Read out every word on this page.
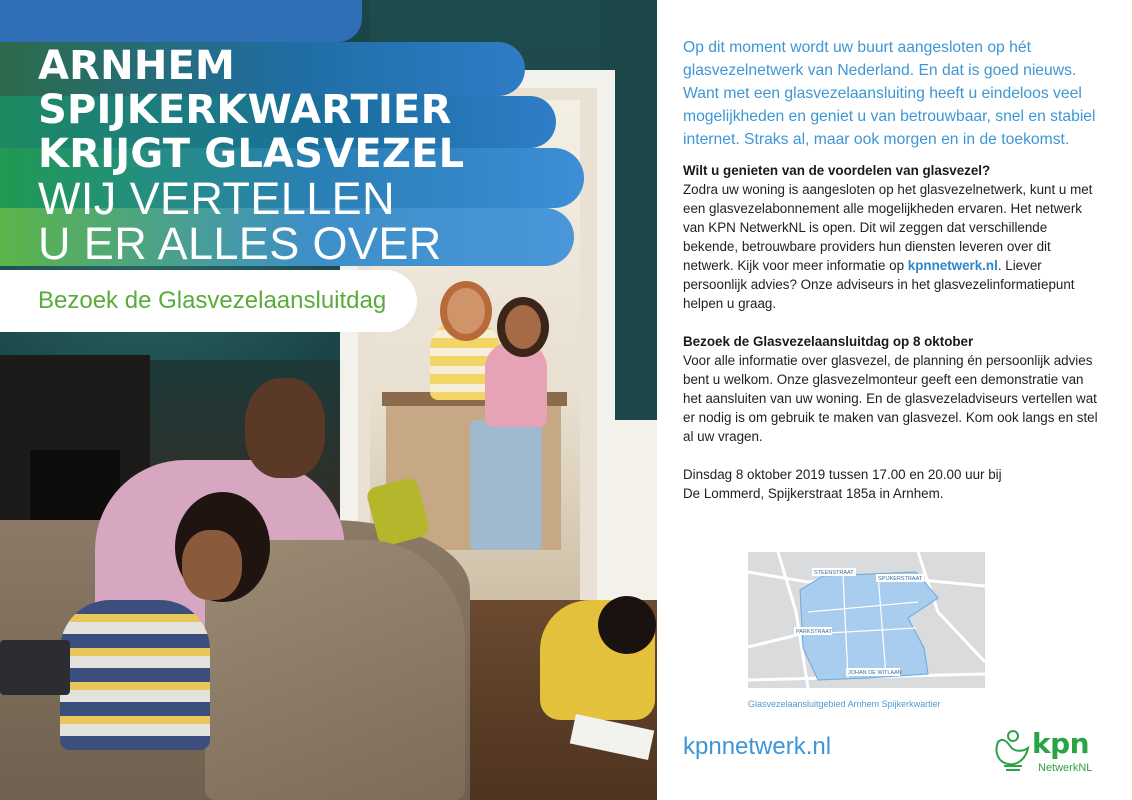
ARNHEM
SPIJKERKWARTIER
KRIJGT GLASVEZEL
WIJ VERTELLEN
U ER ALLES OVER
Bezoek de Glasvezelaansluitdag

Op dit moment wordt uw buurt aangesloten op hét glasvezelnetwerk van Nederland. En dat is goed nieuws. Want met een glasvezelaansluiting heeft u eindeloos veel mogelijkheden en geniet u van betrouwbaar, snel en stabiel internet. Straks al, maar ook morgen en in de toekomst.

Wilt u genieten van de voordelen van glasvezel?

Zodra uw woning is aangesloten op het glasvezelnetwerk, kunt u met een glasvezelabonnement alle mogelijkheden ervaren. Het netwerk van KPN NetwerkNL is open. Dit wil zeggen dat verschillende bekende, betrouwbare providers hun diensten leveren over dit netwerk. Kijk voor meer informatie op kpnnetwerk.nl. Liever persoonlijk advies? Onze adviseurs in het glasvezelinformatiepunt helpen u graag.

Bezoek de Glasvezelaansluitdag op 8 oktober

Voor alle informatie over glasvezel, de planning én persoonlijk advies bent u welkom. Onze glasvezelmonteur geeft een demonstratie van het aansluiten van uw woning. En de glasvezeladviseurs vertellen wat er nodig is om gebruik te maken van glasvezel. Kom ook langs en stel al uw vragen.

Dinsdag 8 oktober 2019 tussen 17.00 en 20.00 uur bij

De Lommerd, Spijkerstraat 185a in Arnhem.

STEENSTRAAT
SPIJKERSTRAAT
PARKSTRAAT
JOHAN DE WITLAAN
Glasvezelaansluitgebied Arnhem Spijkerkwartier
kpnnetwerk.nl	kpn
NetwerkNL
